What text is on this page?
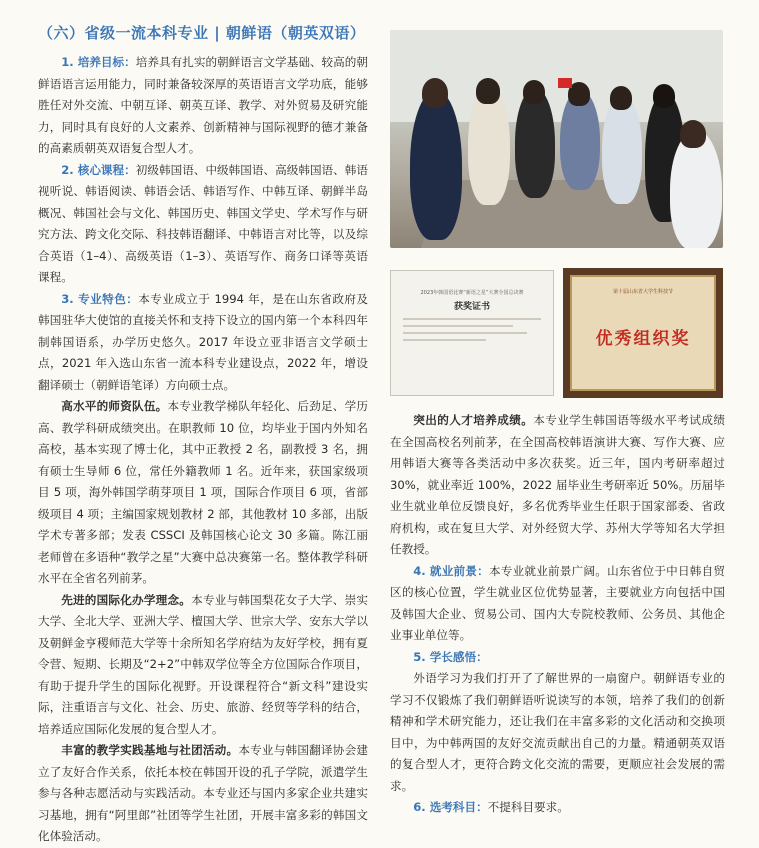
（六）省级一流本科专业 | 朝鲜语（朝英双语）

1. 培养目标：培养具有扎实的朝鲜语言文学基础、较高的朝鲜语语言运用能力，同时兼备较深厚的英语语言文学功底，能够胜任对外交流、中朝互译、朝英互译、教学、对外贸易及研究能力，同时具有良好的人文素养、创新精神与国际视野的德才兼备的高素质朝英双语复合型人才。

2. 核心课程：初级韩国语、中级韩国语、高级韩国语、韩语视听说、韩语阅读、韩语会话、韩语写作、中韩互译、朝鲜半岛概况、韩国社会与文化、韩国历史、韩国文学史、学术写作与研究方法、跨文化交际、科技韩语翻译、中韩语言对比等，以及综合英语（1–4）、高级英语（1–3）、英语写作、商务口译等英语课程。

3. 专业特色：本专业成立于 1994 年，是在山东省政府及韩国驻华大使馆的直接关怀和支持下设立的国内第一个本科四年制韩国语系，办学历史悠久。2017 年设立亚非语言文学硕士点，2021 年入选山东省一流本科专业建设点，2022 年，增设翻译硕士（朝鲜语笔译）方向硕士点。

高水平的师资队伍。本专业教学梯队年轻化、后劲足、学历高、教学科研成绩突出。在职教师 10 位，均毕业于国内外知名高校，基本实现了博士化，其中正教授 2 名，副教授 3 名，拥有硕士生导师 6 位，常任外籍教师 1 名。近年来，获国家级项目 5 项，海外韩国学萌芽项目 1 项，国际合作项目 6 项，省部级项目 4 项；主编国家规划教材 2 部，其他教材 10 多部，出版学术专著多部；发表 CSSCI 及韩国核心论文 30 多篇。陈江丽老师曾在多语种“教学之星”大赛中总决赛第一名。整体教学科研水平在全省名列前茅。

先进的国际化办学理念。本专业与韩国梨花女子大学、崇实大学、全北大学、亚洲大学、檀国大学、世宗大学、安东大学以及朝鲜金亨稷师范大学等十余所知名学府结为友好学校，拥有夏令营、短期、长期及“2+2”中韩双学位等全方位国际合作项目，有助于提升学生的国际化视野。开设课程符合“新文科”建设实际，注重语言与文化、社会、历史、旅游、经贸等学科的结合，培养适应国际化发展的复合型人才。

丰富的教学实践基地与社团活动。本专业与韩国翻译协会建立了友好合作关系，依托本校在韩国开设的孔子学院，派遣学生参与各种志愿活动与实践活动。本专业还与国内多家企业共建实习基地，拥有“阿里郎”社团等学生社团，开展丰富多彩的韩国文化体验活动。

2023年韩国语比赛“新语之星”大赛全国总决赛
获奖证书
第十届山东省大学生科技节
优秀组织奖

突出的人才培养成绩。本专业学生韩国语等级水平考试成绩在全国高校名列前茅，在全国高校韩语演讲大赛、写作大赛、应用韩语大赛等各类活动中多次获奖。近三年，国内考研率超过 30%，就业率近 100%，2022 届毕业生考研率近 50%。历届毕业生就业单位反馈良好，多名优秀毕业生任职于国家部委、省政府机构，或在复旦大学、对外经贸大学、苏州大学等知名大学担任教授。

4. 就业前景：本专业就业前景广阔。山东省位于中日韩自贸区的核心位置，学生就业区位优势显著，主要就业方向包括中国及韩国大企业、贸易公司、国内大专院校教师、公务员、其他企业事业单位等。

5. 学长感悟：

外语学习为我们打开了了解世界的一扇窗户。朝鲜语专业的学习不仅锻炼了我们朝鲜语听说读写的本领，培养了我们的创新精神和学术研究能力，还让我们在丰富多彩的文化活动和交换项目中，为中韩两国的友好交流贡献出自己的力量。精通朝英双语的复合型人才，更符合跨文化交流的需要，更顺应社会发展的需求。

6. 选考科目：不提科目要求。
